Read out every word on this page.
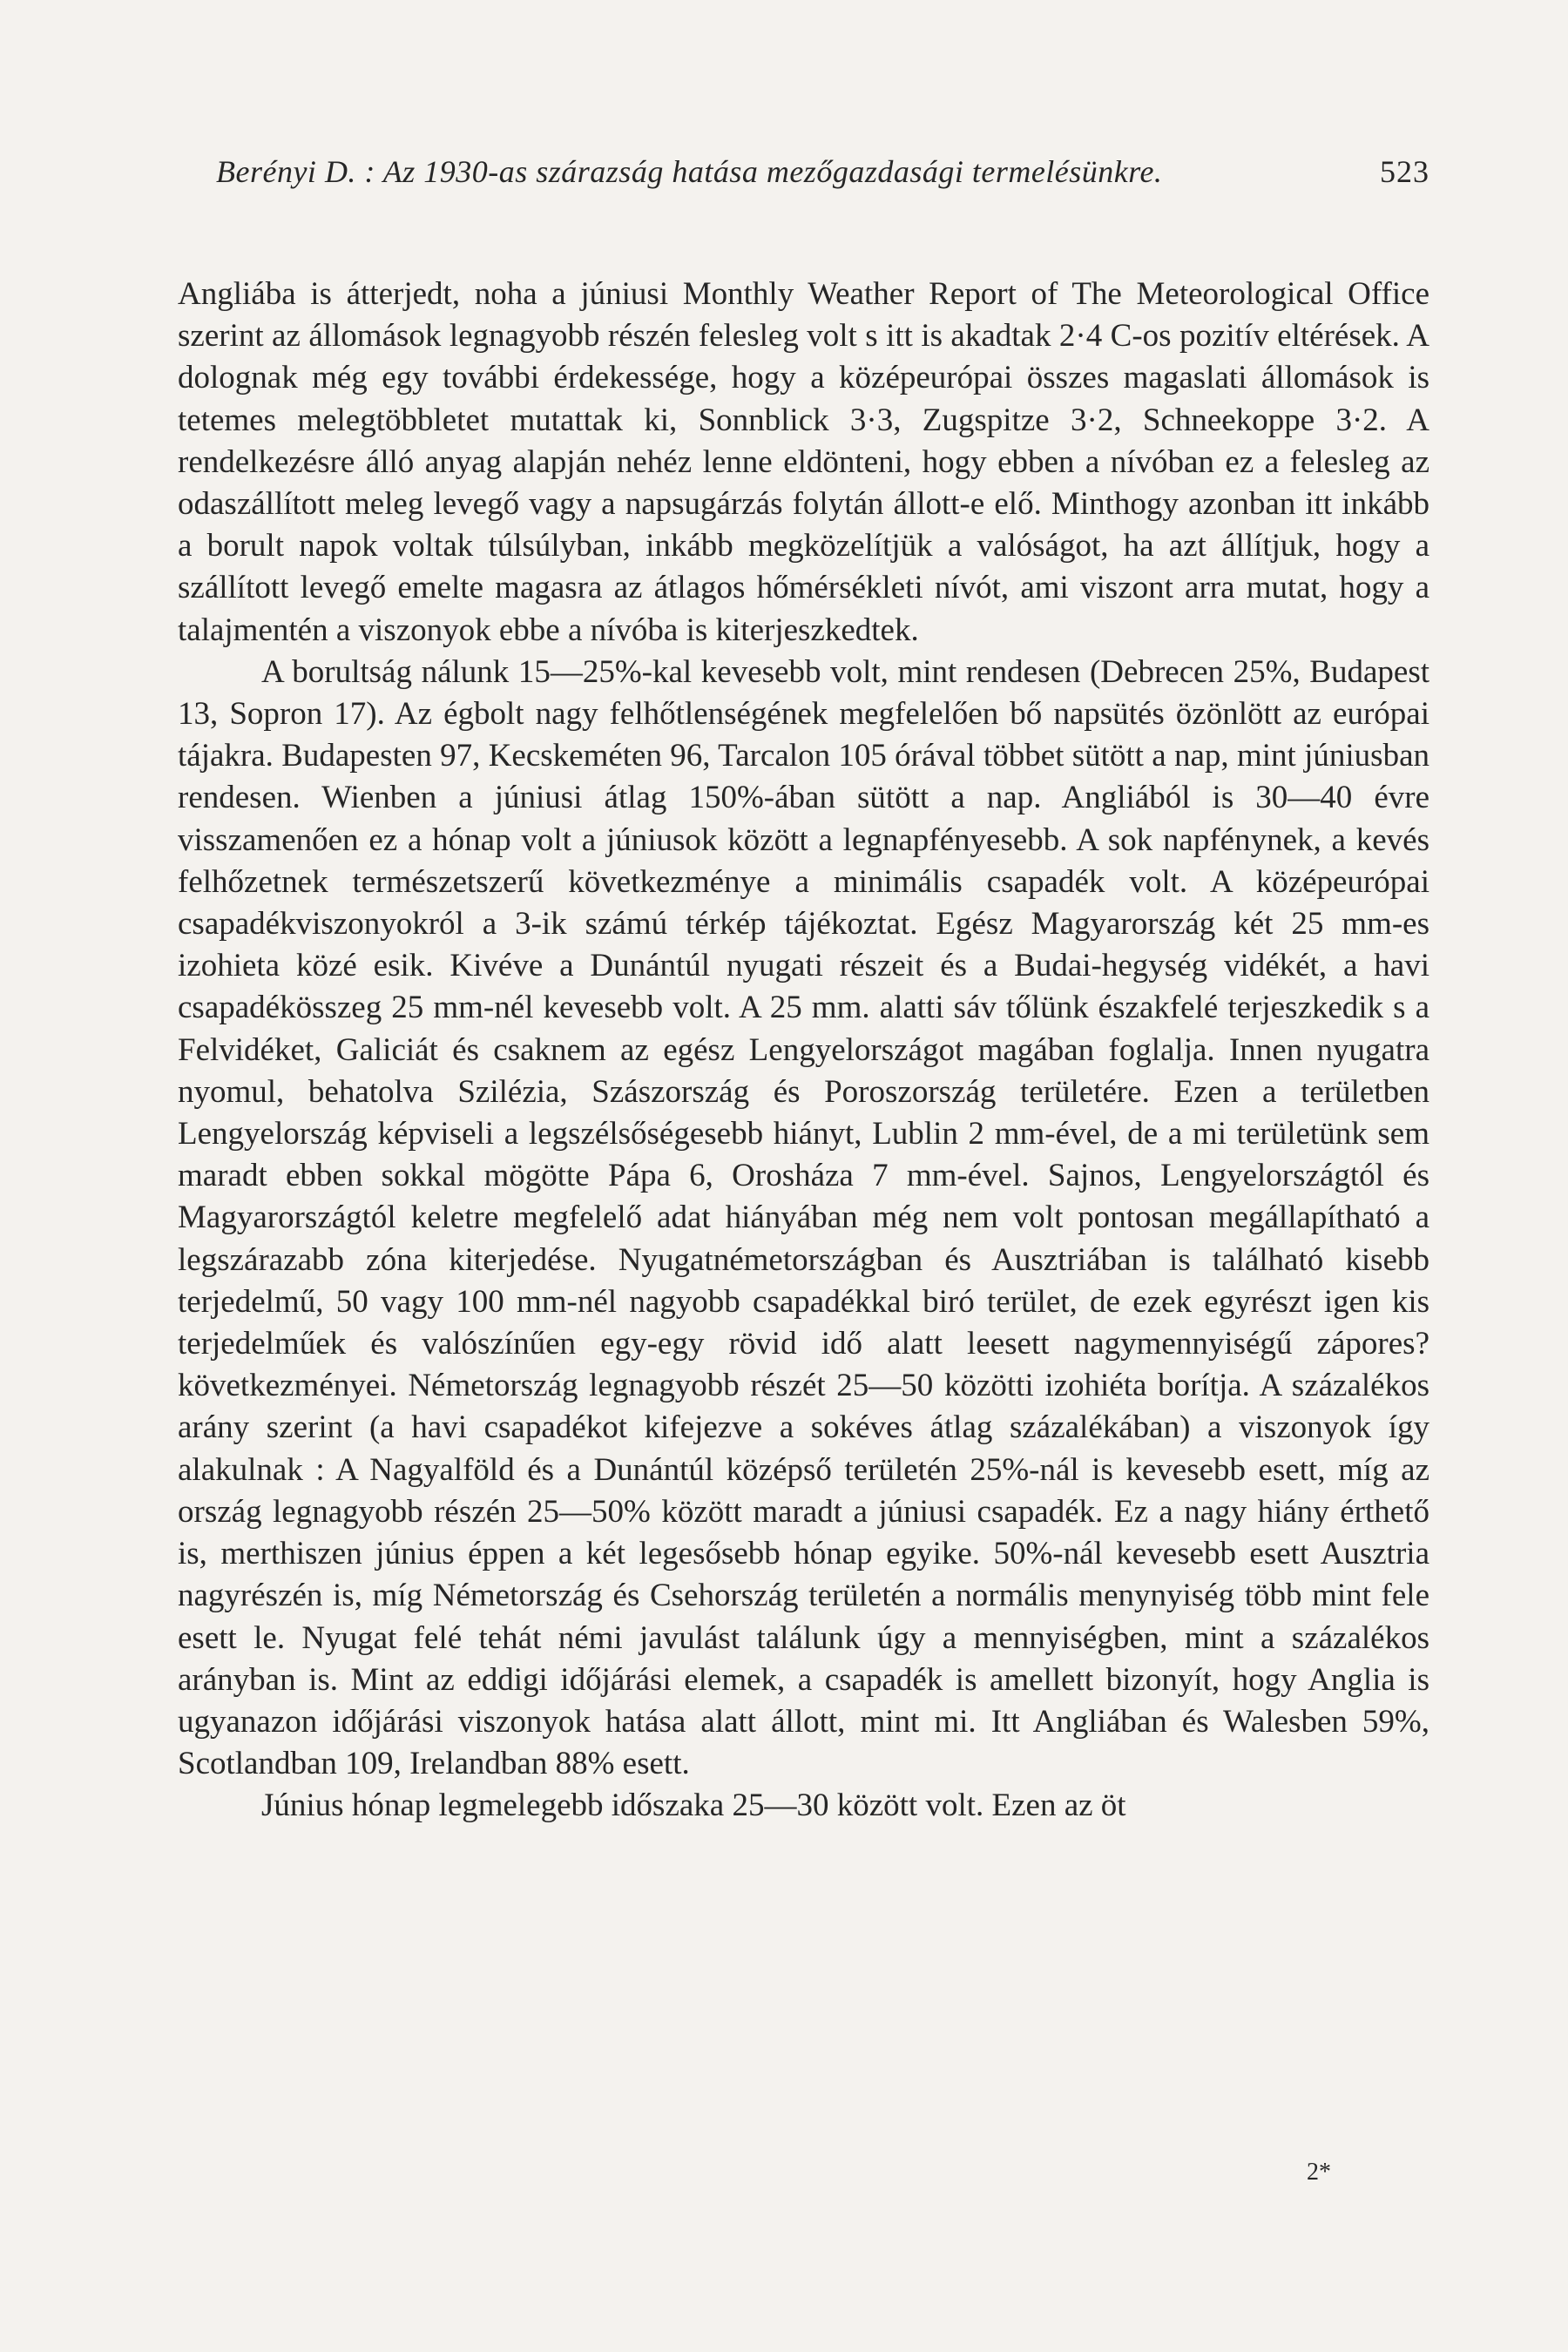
Berényi D. : Az 1930-as szárazság hatása mezőgazdasági termelésünkre.	523

Angliába is átterjedt, noha a júniusi Monthly Weather Report of The Meteorological Office szerint az állomások legnagyobb részén felesleg volt s itt is akadtak 2·4 C-os pozitív eltérések. A dolognak még egy további érdekessége, hogy a középeurópai összes magaslati állomások is tetemes melegtöbbletet mutattak ki, Sonnblick 3·3, Zugspitze 3·2, Schneekoppe 3·2. A rendelkezésre álló anyag alapján nehéz lenne eldönteni, hogy ebben a nívóban ez a felesleg az odaszállított meleg levegő vagy a napsugárzás folytán állott-e elő. Minthogy azonban itt inkább a borult napok voltak túlsúlyban, inkább megközelítjük a valóságot, ha azt állítjuk, hogy a szállított levegő emelte magasra az átlagos hőmérsékleti nívót, ami viszont arra mutat, hogy a talajmentén a viszonyok ebbe a nívóba is kiterjeszkedtek.

A borultság nálunk 15—25%-kal kevesebb volt, mint rendesen (Debrecen 25%, Budapest 13, Sopron 17). Az égbolt nagy felhőtlenségének megfelelően bő napsütés özönlött az európai tájakra. Budapesten 97, Kecskeméten 96, Tarcalon 105 órával többet sütött a nap, mint júniusban rendesen. Wienben a júniusi átlag 150%-ában sütött a nap. Angliából is 30—40 évre visszamenően ez a hónap volt a júniusok között a legnapfényesebb. A sok napfénynek, a kevés felhőzetnek természetszerű következménye a minimális csapadék volt. A középeurópai csapadékviszonyokról a 3-ik számú térkép tájékoztat. Egész Magyarország két 25 mm-es izohieta közé esik. Kivéve a Dunántúl nyugati részeit és a Budai-hegység vidékét, a havi csapadékösszeg 25 mm-nél kevesebb volt. A 25 mm. alatti sáv tőlünk északfelé terjeszkedik s a Felvidéket, Galiciát és csaknem az egész Lengyelországot magában foglalja. Innen nyugatra nyomul, behatolva Szilézia, Szászország és Poroszország területére. Ezen a területben Lengyelország képviseli a legszélsőségesebb hiányt, Lublin 2 mm-ével, de a mi területünk sem maradt ebben sokkal mögötte Pápa 6, Orosháza 7 mm-ével. Sajnos, Lengyelországtól és Magyarországtól keletre megfelelő adat hiányában még nem volt pontosan megállapítható a legszárazabb zóna kiterjedése. Nyugatnémetországban és Ausztriában is található kisebb terjedelmű, 50 vagy 100 mm-nél nagyobb csapadékkal biró terület, de ezek egyrészt igen kis terjedelműek és valószínűen egy-egy rövid idő alatt leesett nagymennyiségű zápores? következményei. Németország legnagyobb részét 25—50 közötti izohiéta borítja. A százalékos arány szerint (a havi csapadékot kifejezve a sokéves átlag százalékában) a viszonyok így alakulnak : A Nagyalföld és a Dunántúl középső területén 25%-nál is kevesebb esett, míg az ország legnagyobb részén 25—50% között maradt a júniusi csapadék. Ez a nagy hiány érthető is, merthiszen június éppen a két legesősebb hónap egyike. 50%-nál kevesebb esett Ausztria nagyrészén is, míg Németország és Csehország területén a normális menynyiség több mint fele esett le. Nyugat felé tehát némi javulást találunk úgy a mennyiségben, mint a százalékos arányban is. Mint az eddigi időjárási elemek, a csapadék is amellett bizonyít, hogy Anglia is ugyanazon időjárási viszonyok hatása alatt állott, mint mi. Itt Angliában és Walesben 59%, Scotlandban 109, Irelandban 88% esett.

Június hónap legmelegebb időszaka 25—30 között volt. Ezen az öt

2*
